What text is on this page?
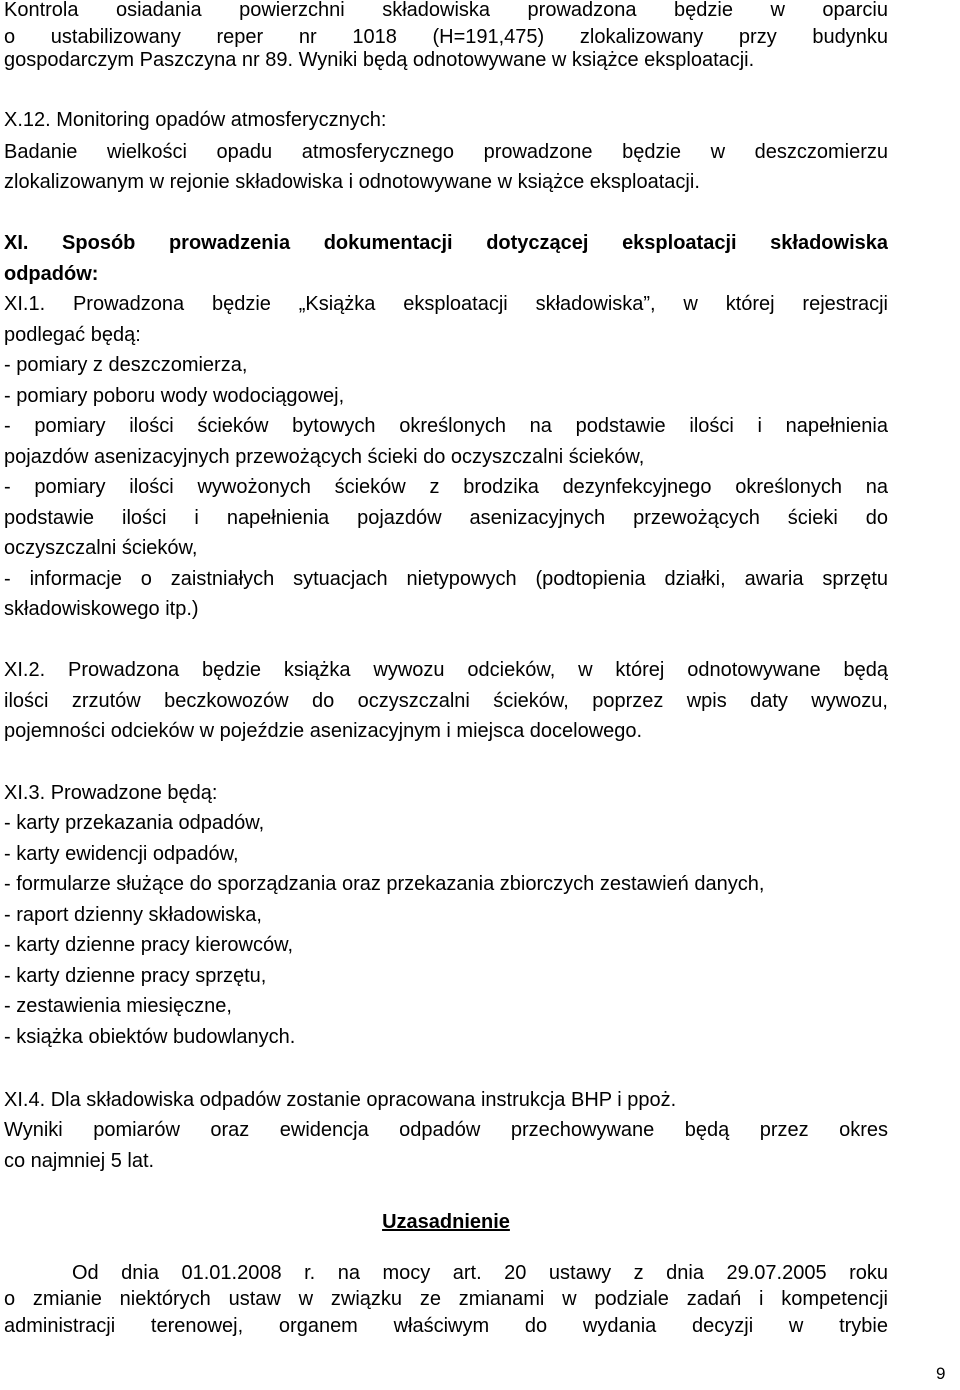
Kontrola osiadania powierzchni składowiska prowadzona będzie w oparciu
o ustabilizowany reper nr 1018 (H=191,475) zlokalizowany przy budynku
gospodarczym Paszczyna nr 89. Wyniki będą odnotowywane w książce eksploatacji.
X.12. Monitoring opadów atmosferycznych:
Badanie wielkości opadu atmosferycznego prowadzone będzie w deszczomierzu
zlokalizowanym w rejonie składowiska i odnotowywane w książce eksploatacji.
XI. Sposób prowadzenia dokumentacji dotyczącej eksploatacji składowiska
odpadów:
XI.1. Prowadzona będzie „Książka eksploatacji składowiska”, w której rejestracji
podlegać będą:
- pomiary z deszczomierza,
- pomiary poboru wody wodociągowej,
- pomiary ilości ścieków bytowych określonych na podstawie ilości i napełnienia
pojazdów asenizacyjnych przewożących ścieki do oczyszczalni ścieków,
- pomiary ilości wywożonych ścieków z brodzika dezynfekcyjnego określonych na
podstawie ilości i napełnienia pojazdów asenizacyjnych przewożących ścieki do
oczyszczalni ścieków,
- informacje o zaistniałych sytuacjach nietypowych (podtopienia działki, awaria sprzętu
składowiskowego itp.)
XI.2. Prowadzona będzie książka wywozu odcieków, w której odnotowywane będą
ilości zrzutów beczkowozów do oczyszczalni ścieków, poprzez wpis daty wywozu,
pojemności odcieków w pojeździe asenizacyjnym i miejsca docelowego.
XI.3. Prowadzone będą:
- karty przekazania odpadów,
- karty ewidencji odpadów,
- formularze służące do sporządzania oraz przekazania zbiorczych zestawień danych,
- raport dzienny składowiska,
- karty dzienne pracy kierowców,
- karty dzienne pracy sprzętu,
- zestawienia miesięczne,
- książka obiektów budowlanych.
XI.4. Dla składowiska odpadów zostanie opracowana instrukcja BHP i ppoż.
Wyniki pomiarów oraz ewidencja odpadów przechowywane będą przez okres
co najmniej 5 lat.
Uzasadnienie
Od dnia 01.01.2008 r. na mocy art. 20 ustawy z dnia 29.07.2005 roku
o zmianie niektórych ustaw w związku ze zmianami w podziale zadań i kompetencji
administracji terenowej, organem właściwym do wydania decyzji w trybie
9
